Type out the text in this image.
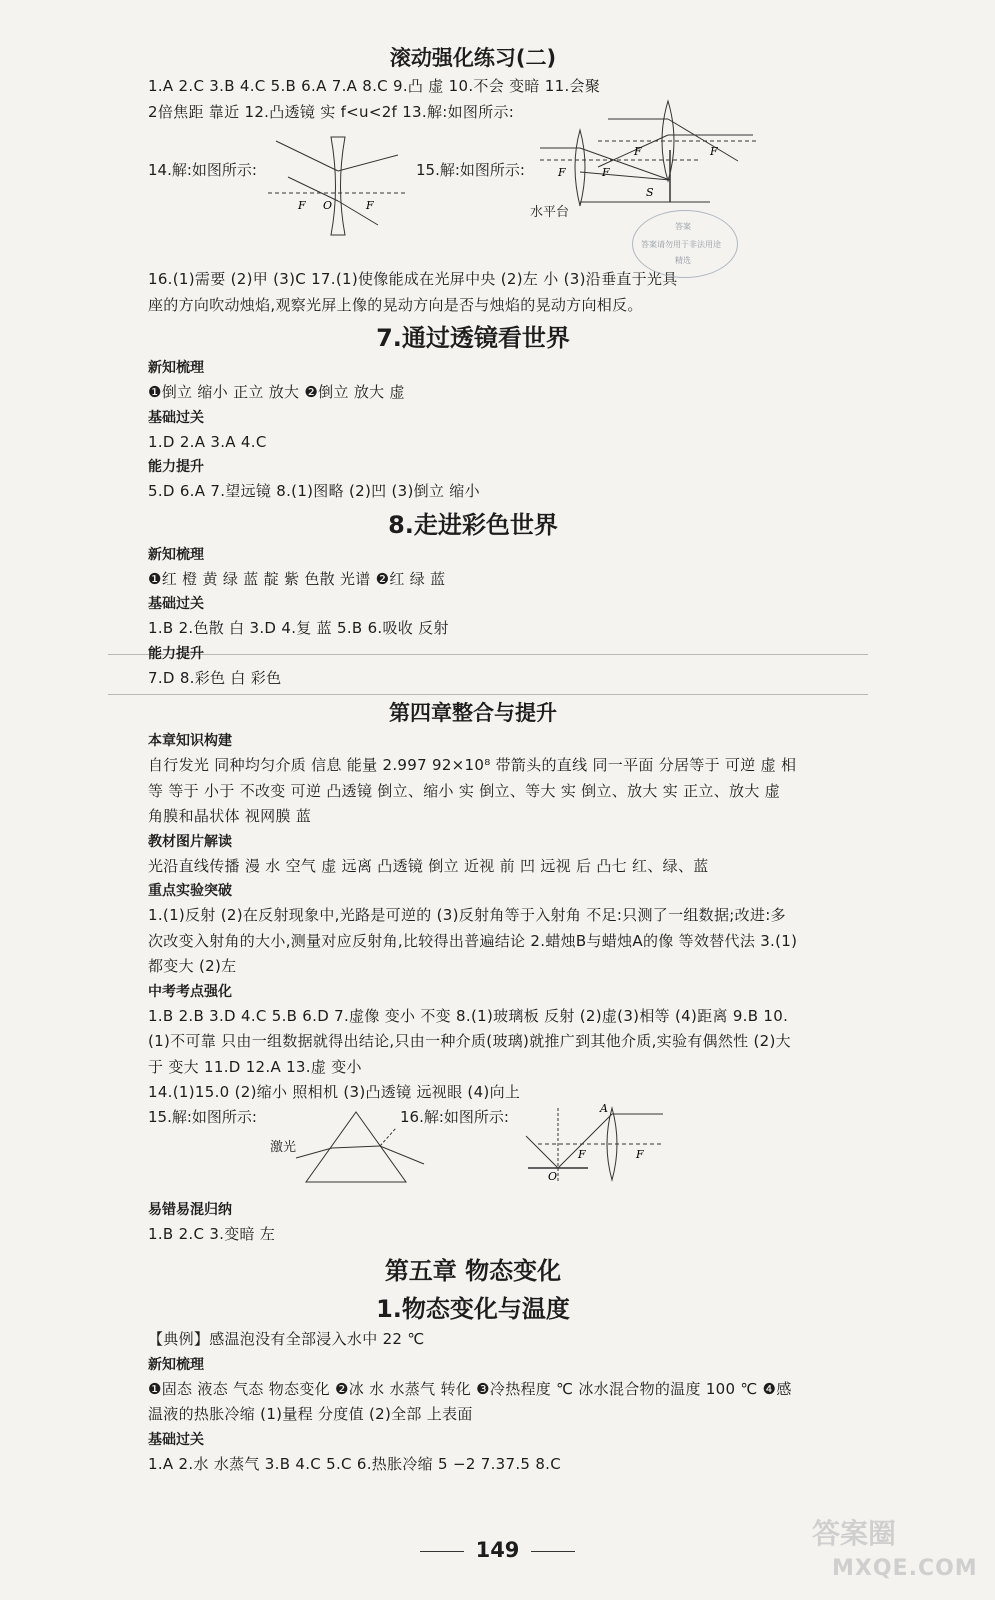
滚动强化练习(二)
1.A 2.C 3.B 4.C 5.B 6.A 7.A 8.C 9.凸 虚 10.不会 变暗 11.会聚
2倍焦距 靠近 12.凸透镜 实 f<u<2f 13.解:如图所示:
F	F
14.解:如图所示:
F O	F
15.解:如图所示:	F	F
S
水平台
16.(1)需要 (2)甲 (3)C 17.(1)使像能成在光屏中央 (2)左 小 (3)沿垂直于光具
座的方向吹动烛焰,观察光屏上像的晃动方向是否与烛焰的晃动方向相反。
7.通过透镜看世界
新知梳理
❶倒立 缩小 正立 放大 ❷倒立 放大 虚
基础过关
1.D 2.A 3.A 4.C
能力提升
5.D 6.A 7.望远镜 8.(1)图略 (2)凹 (3)倒立 缩小
8.走进彩色世界
新知梳理
❶红 橙 黄 绿 蓝 靛 紫 色散 光谱 ❷红 绿 蓝
基础过关
1.B 2.色散 白 3.D 4.复 蓝 5.B 6.吸收 反射
能力提升
7.D 8.彩色 白 彩色
第四章整合与提升
本章知识构建
自行发光 同种均匀介质 信息 能量 2.997 92×10⁸ 带箭头的直线 同一平面 分居等于 可逆 虚 相等 等于 小于 不改变 可逆 凸透镜 倒立、缩小 实 倒立、等大 实 倒立、放大 实 正立、放大 虚 角膜和晶状体 视网膜 蓝
教材图片解读
光沿直线传播 漫 水 空气 虚 远离 凸透镜 倒立 近视 前 凹 远视 后 凸七 红、绿、蓝
重点实验突破
1.(1)反射 (2)在反射现象中,光路是可逆的 (3)反射角等于入射角 不足:只测了一组数据;改进:多次改变入射角的大小,测量对应反射角,比较得出普遍结论 2.蜡烛B与蜡烛A的像 等效替代法 3.(1)都变大 (2)左
中考考点强化
1.B 2.B 3.D 4.C 5.B 6.D 7.虚像 变小 不变 8.(1)玻璃板 反射 (2)虚(3)相等 (4)距离 9.B 10.(1)不可靠 只由一组数据就得出结论,只由一种介质(玻璃)就推广到其他介质,实验有偶然性 (2)大于 变大 11.D 12.A 13.虚 变小
14.(1)15.0 (2)缩小 照相机 (3)凸透镜 远视眼 (4)向上
15.解:如图所示:
激光
16.解:如图所示:
F	F
A
O
易错易混归纳
1.B 2.C 3.变暗 左
第五章 物态变化
1.物态变化与温度
【典例】感温泡没有全部浸入水中 22 ℃
新知梳理
❶固态 液态 气态 物态变化 ❷冰 水 水蒸气 转化 ❸冷热程度 ℃ 冰水混合物的温度 100 ℃ ❹感温液的热胀冷缩 (1)量程 分度值 (2)全部 上表面
基础过关
1.A 2.水 水蒸气 3.B 4.C 5.C 6.热胀冷缩 5 −2 7.37.5 8.C
答案
答案请勿用于非法用途
精选
149	答案圈
MXQE.COM
